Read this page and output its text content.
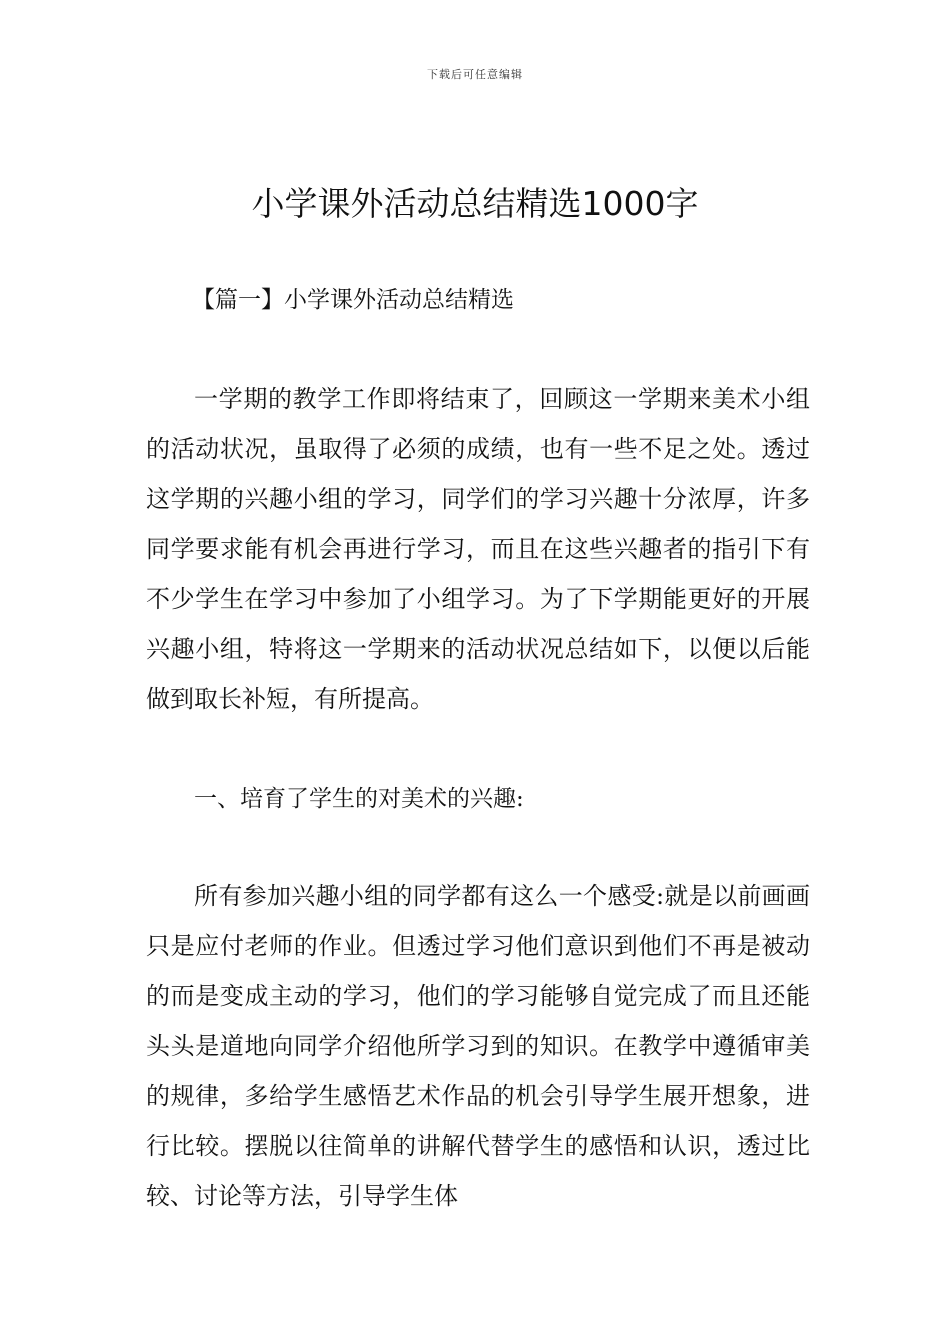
下载后可任意编辑
小学课外活动总结精选1000字
【篇一】小学课外活动总结精选

一学期的教学工作即将结束了，回顾这一学期来美术小组的活动状况，虽取得了必须的成绩，也有一些不足之处。透过这学期的兴趣小组的学习，同学们的学习兴趣十分浓厚，许多同学要求能有机会再进行学习，而且在这些兴趣者的指引下有不少学生在学习中参加了小组学习。为了下学期能更好的开展兴趣小组，特将这一学期来的活动状况总结如下，以便以后能做到取长补短，有所提高。

一、培育了学生的对美术的兴趣:

所有参加兴趣小组的同学都有这么一个感受:就是以前画画只是应付老师的作业。但透过学习他们意识到他们不再是被动的而是变成主动的学习，他们的学习能够自觉完成了而且还能头头是道地向同学介绍他所学习到的知识。在教学中遵循审美的规律，多给学生感悟艺术作品的机会引导学生展开想象，进行比较。摆脱以往简单的讲解代替学生的感悟和认识，透过比较、讨论等方法，引导学生体
